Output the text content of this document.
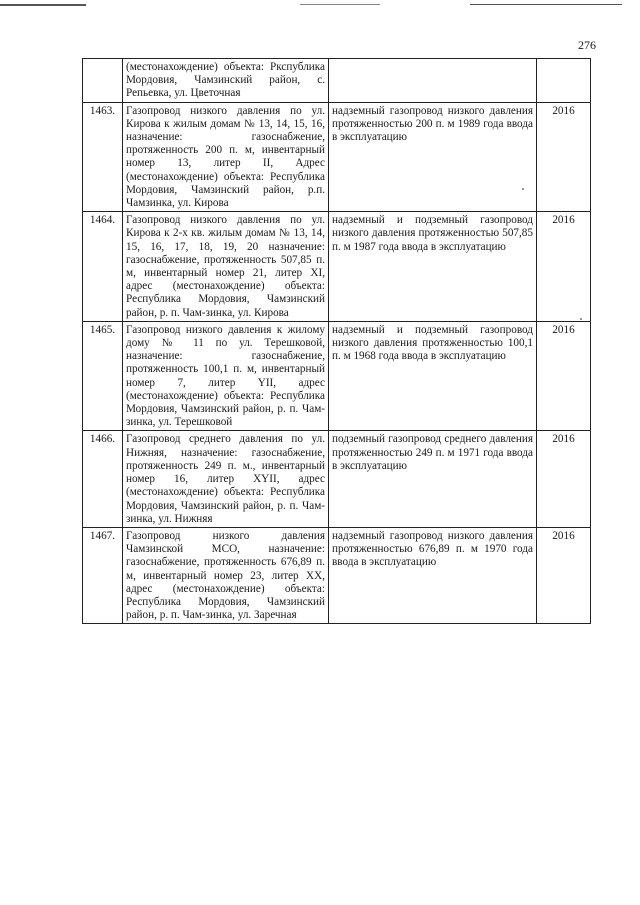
276
	(местонахождение) объекта: Ркспублика Мордовия, Чамзинский район, с. Репьевка, ул. Цветочная		
1463.	Газопровод низкого давления по ул. Кирова к жилым домам № 13, 14, 15, 16, назначение: газоснабжение, протяженность 200 п. м, инвентарный номер 13, литер II, Адрес (местонахождение) объекта: Республика Мордовия, Чамзинский район, р.п. Чамзинка, ул. Кирова	надземный газопровод низкого давления протяженностью 200 п. м 1989 года ввода в эксплуатацию	2016
1464.	Газопровод низкого давления по ул. Кирова к 2-х кв. жилым домам № 13, 14, 15, 16, 17, 18, 19, 20 назначение: газоснабжение, протяженность 507,85 п. м, инвентарный номер 21, литер XI, адрес (местонахождение) объекта: Республика Мордовия, Чамзинский район, р. п. Чам-зинка, ул. Кирова	надземный и подземный газопровод низкого давления протяженностью 507,85 п. м 1987 года ввода в эксплуатацию	2016
1465.	Газопровод низкого давления к жилому дому № 11 по ул. Терешковой, назначение: газоснабжение, протяженность 100,1 п. м, инвентарный номер 7, литер YII, адрес (местонахождение) объекта: Республика Мордовия, Чамзинский район, р. п. Чам-зинка, ул. Терешковой	надземный и подземный газопровод низкого давления протяженностью 100,1 п. м 1968 года ввода в эксплуатацию	2016
1466.	Газопровод среднего давления по ул. Нижняя, назначение: газоснабжение, протяженность 249 п. м., инвентарный номер 16, литер XYII, адрес (местонахождение) объекта: Республика Мордовия, Чамзинский район, р. п. Чам-зинка, ул. Нижняя	подземный газопровод среднего давления протяженностью 249 п. м 1971 года ввода в эксплуатацию	2016
1467.	Газопровод низкого давления Чамзинской МСО, назначение: газоснабжение, протяженность 676,89 п. м, инвентарный номер 23, литер XX, адрес (местонахождение) объекта: Республика Мордовия, Чамзинский район, р. п. Чам-зинка, ул. Заречная	надземный газопровод низкого давления протяженностью 676,89 п. м 1970 года ввода в эксплуатацию	2016
